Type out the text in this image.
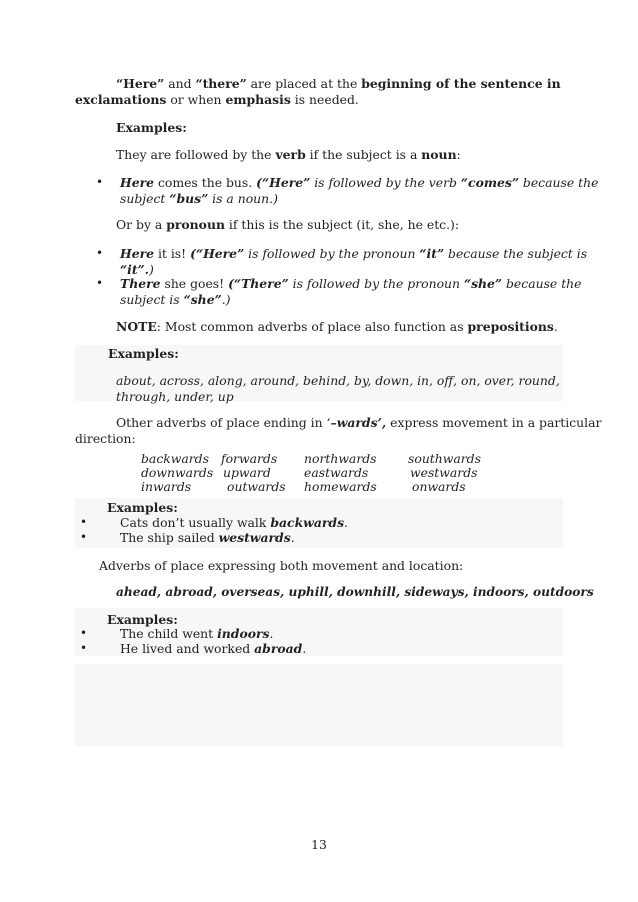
“Here” and “there” are placed at the beginning of the sentence in
exclamations or when emphasis is needed.
Examples:
They are followed by the verb if the subject is a noun:
• Here comes the bus. (“Here” is followed by the verb “comes” because the
subject “bus” is a noun.)
Or by a pronoun if this is the subject (it, she, he etc.):
• Here it is! (“Here” is followed by the pronoun “it” because the subject is
“it”.)
• There she goes! (“There” is followed by the pronoun “she” because the
subject is “she”.)
NOTE: Most common adverbs of place also function as prepositions.
Examples:
about, across, along, around, behind, by, down, in, off, on, over, round,
through, under, up
Other adverbs of place ending in ‘–wards’, express movement in a particular
direction:
backwards forwards northwards	southwards
downwards upward	eastwards	westwards
inwards	outwards homewards	onwards
Examples:
•	Cats don’t usually walk backwards.
•	The ship sailed westwards.
Adverbs of place expressing both movement and location:
ahead, abroad, overseas, uphill, downhill, sideways, indoors, outdoors
Examples:
•	The child went indoors.
•	He lived and worked abroad.
13
